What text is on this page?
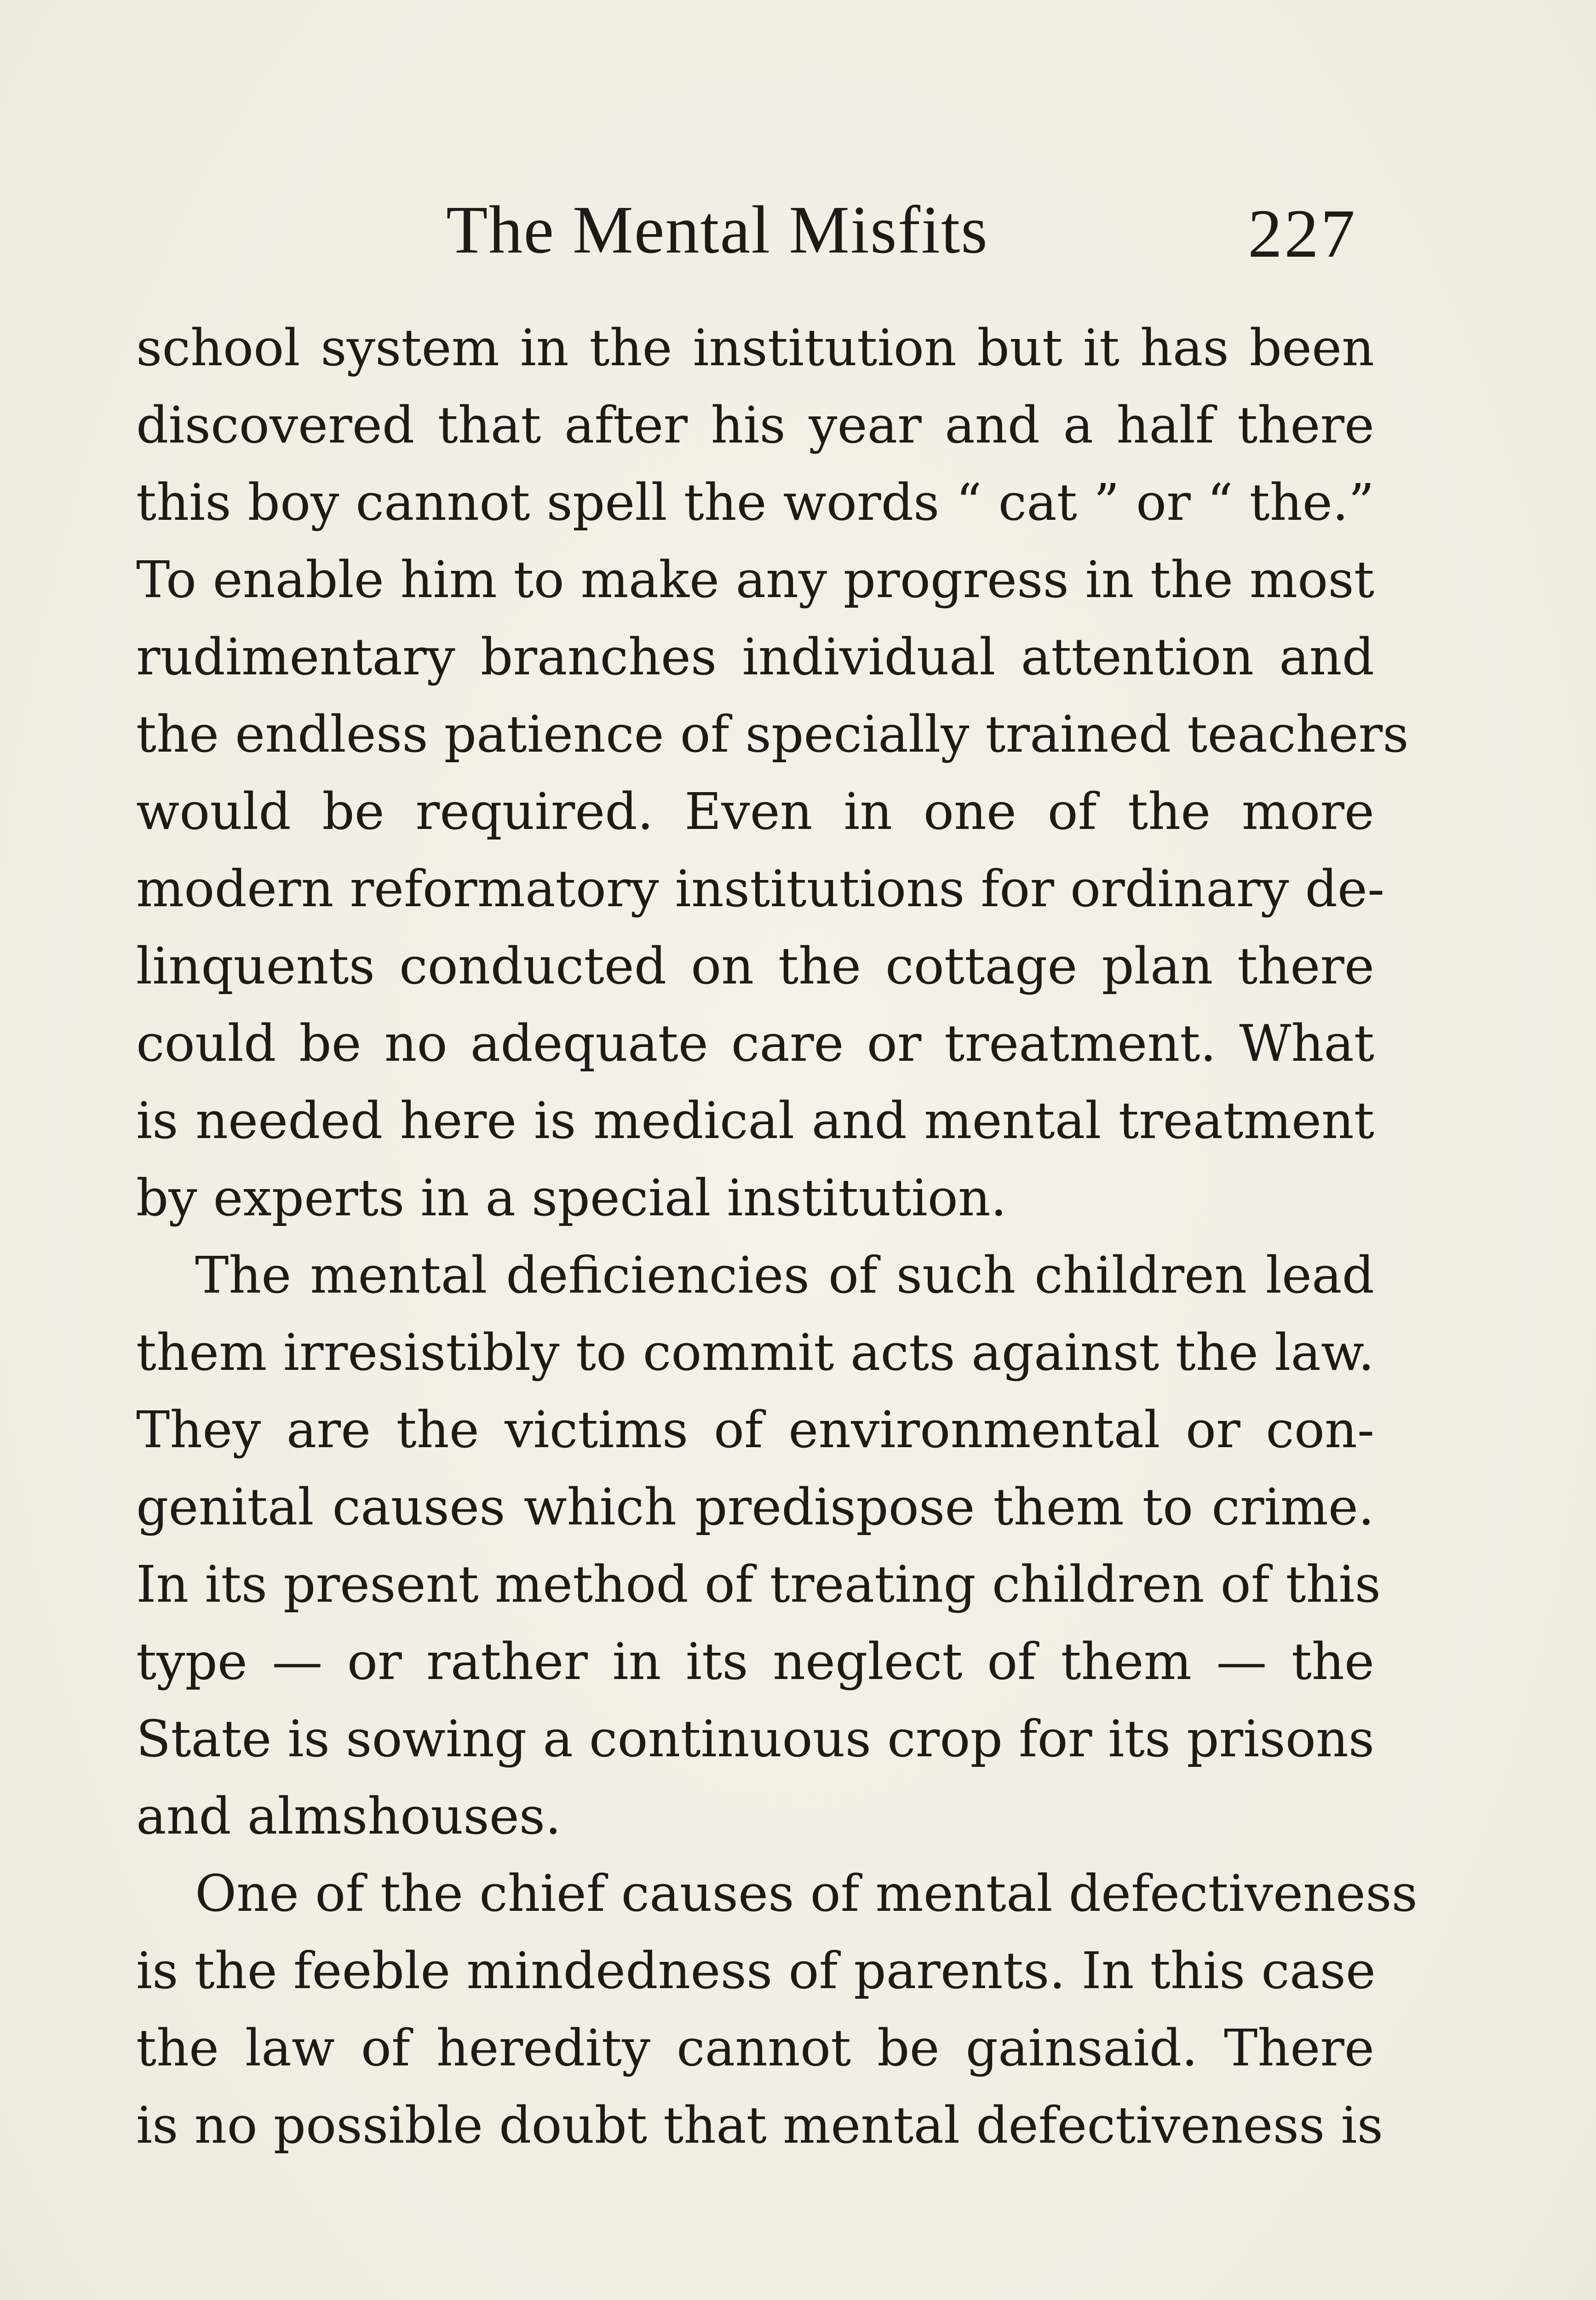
The Mental Misfits	227
school system in the institution but it has been
discovered that after his year and a half there
this boy cannot spell the words “ cat ” or “ the.”
To enable him to make any progress in the most
rudimentary branches individual attention and
the endless patience of specially trained teachers
would be required. Even in one of the more
modern reformatory institutions for ordinary de-
linquents conducted on the cottage plan there
could be no adequate care or treatment. What
is needed here is medical and mental treatment
by experts in a special institution.
The mental deficiencies of such children lead
them irresistibly to commit acts against the law.
They are the victims of environmental or con-
genital causes which predispose them to crime.
In its present method of treating children of this
type — or rather in its neglect of them — the
State is sowing a continuous crop for its prisons
and almshouses.
One of the chief causes of mental defectiveness
is the feeble mindedness of parents. In this case
the law of heredity cannot be gainsaid. There
is no possible doubt that mental defectiveness is
